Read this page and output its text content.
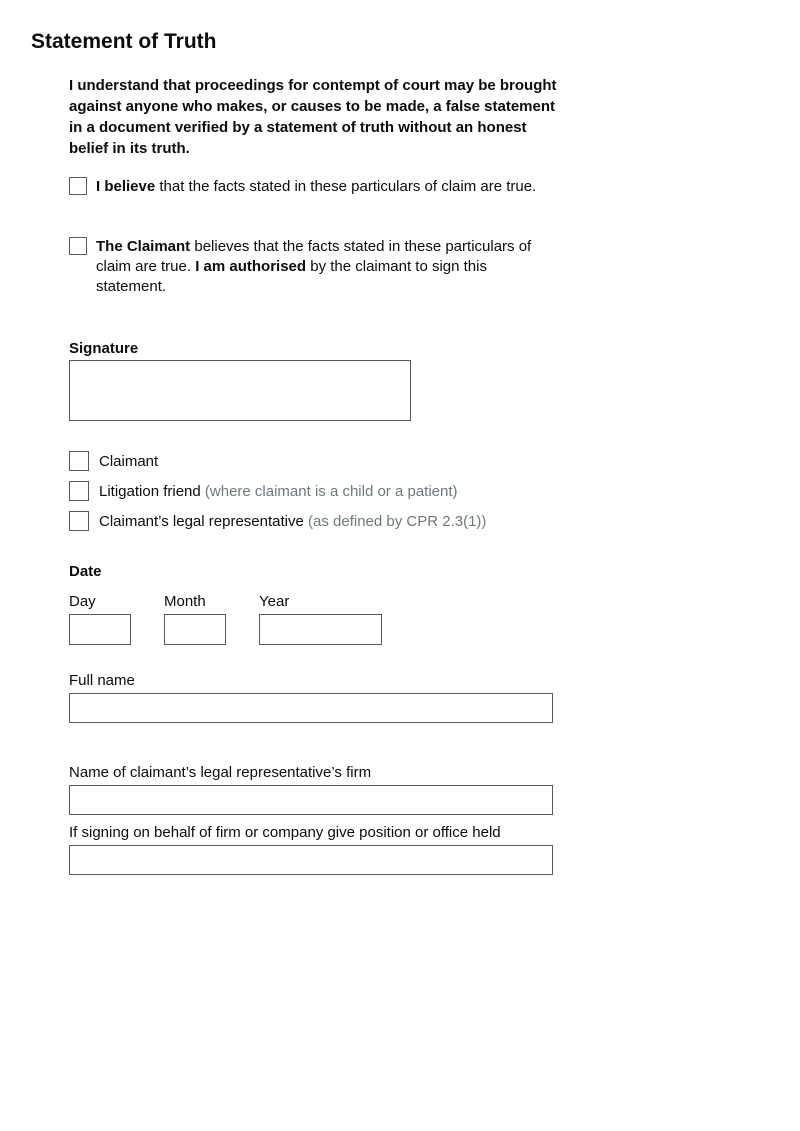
Statement of Truth

I understand that proceedings for contempt of court may be brought against anyone who makes, or causes to be made, a false statement in a document verified by a statement of truth without an honest belief in its truth.

I believe that the facts stated in these particulars of claim are true.
The Claimant believes that the facts stated in these particulars of claim are true. I am authorised by the claimant to sign this statement.
Signature
Claimant
Litigation friend (where claimant is a child or a patient)
Claimant’s legal representative (as defined by CPR 2.3(1))
Date
Day	Month	Year
Full name
Name of claimant’s legal representative’s firm
If signing on behalf of firm or company give position or office held
